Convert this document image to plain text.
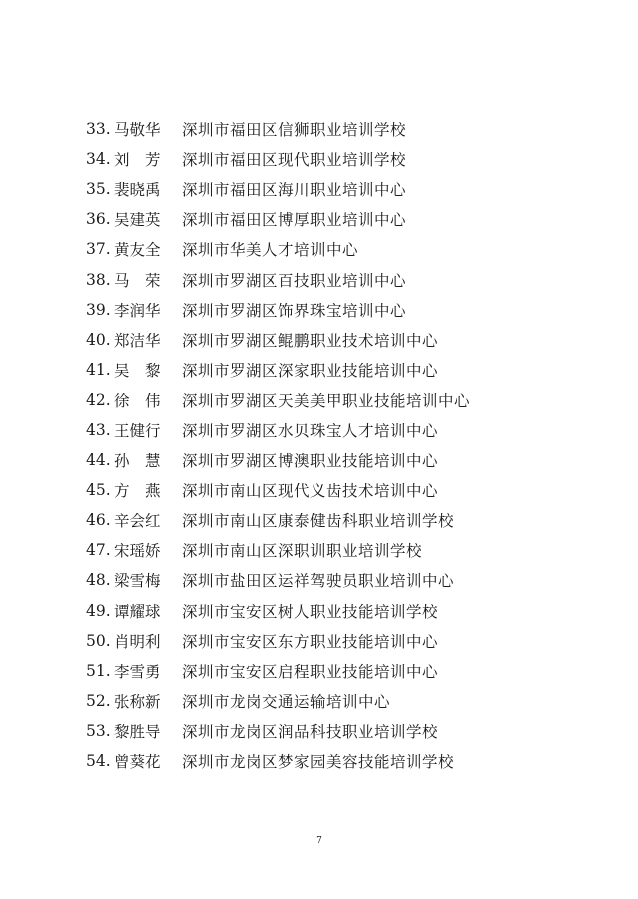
33. 马敬华	深圳市福田区信狮职业培训学校
34. 刘　芳	深圳市福田区现代职业培训学校
35. 裴晓禹	深圳市福田区海川职业培训中心
36. 吴建英	深圳市福田区博厚职业培训中心
37. 黄友全	深圳市华美人才培训中心
38. 马　荣	深圳市罗湖区百技职业培训中心
39. 李润华	深圳市罗湖区饰界珠宝培训中心
40. 郑洁华	深圳市罗湖区鲲鹏职业技术培训中心
41. 吴　黎	深圳市罗湖区深家职业技能培训中心
42. 徐　伟	深圳市罗湖区天美美甲职业技能培训中心
43. 王健行	深圳市罗湖区水贝珠宝人才培训中心
44. 孙　慧	深圳市罗湖区博澳职业技能培训中心
45. 方　燕	深圳市南山区现代义齿技术培训中心
46. 辛会红	深圳市南山区康泰健齿科职业培训学校
47. 宋瑶娇	深圳市南山区深职训职业培训学校
48. 梁雪梅	深圳市盐田区运祥驾驶员职业培训中心
49. 谭耀球	深圳市宝安区树人职业技能培训学校
50. 肖明利	深圳市宝安区东方职业技能培训中心
51. 李雪勇	深圳市宝安区启程职业技能培训中心
52. 张称新	深圳市龙岗交通运输培训中心
53. 黎胜导	深圳市龙岗区润品科技职业培训学校
54. 曾葵花	深圳市龙岗区梦家园美容技能培训学校
7
